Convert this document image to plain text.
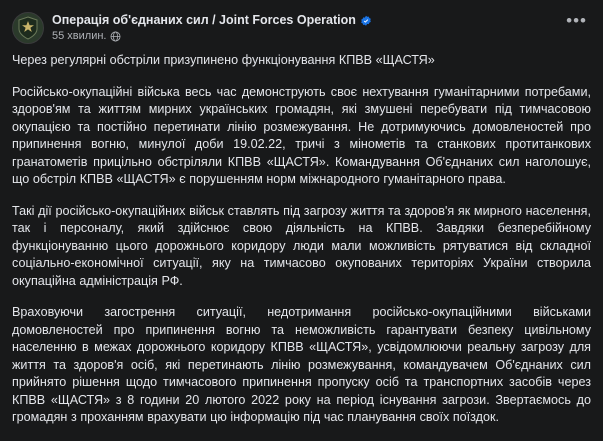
Операція об'єднаних сил / Joint Forces Operation
55 хвилин.
•••

Через регулярні обстріли призупинено функціонування КПВВ «ЩАСТЯ»

Російсько-окупаційні війська весь час демонструють своє нехтування гуманітарними потребами, здоров'ям та життям мирних українських громадян, які змушені перебувати під тимчасовою окупацією та постійно перетинати лінію розмежування. Не дотримуючись домовленостей про припинення вогню, минулої доби 19.02.22, тричі з мінометів та станкових протитанкових гранатометів прицільно обстріляли КПВВ «ЩАСТЯ». Командування Об'єднаних сил наголошує, що обстріл КПВВ «ЩАСТЯ» є порушенням норм міжнародного гуманітарного права.

Такі дії російсько-окупаційних військ ставлять під загрозу життя та здоров'я як мирного населення, так і персоналу, який здійснює свою діяльність на КПВВ. Завдяки безперебійному функціонуванню цього дорожнього коридору люди мали можливість рятуватися від складної соціально-економічної ситуації, яку на тимчасово окупованих територіях України створила окупаційна адміністрація РФ.

Враховуючи загострення ситуації, недотримання російсько-окупаційними військами домовленостей про припинення вогню та неможливість гарантувати безпеку цивільному населенню в межах дорожнього коридору КПВВ «ЩАСТЯ», усвідомлюючи реальну загрозу для життя та здоров'я осіб, які перетинають лінію розмежування, командувачем Об'єднаних сил прийнято рішення щодо тимчасового припинення пропуску осіб та транспортних засобів через КПВВ «ЩАСТЯ» з 8 години 20 лютого 2022 року на період існування загрози. Звертаємось до громадян з проханням врахувати цю інформацію під час планування своїх поїздок.
